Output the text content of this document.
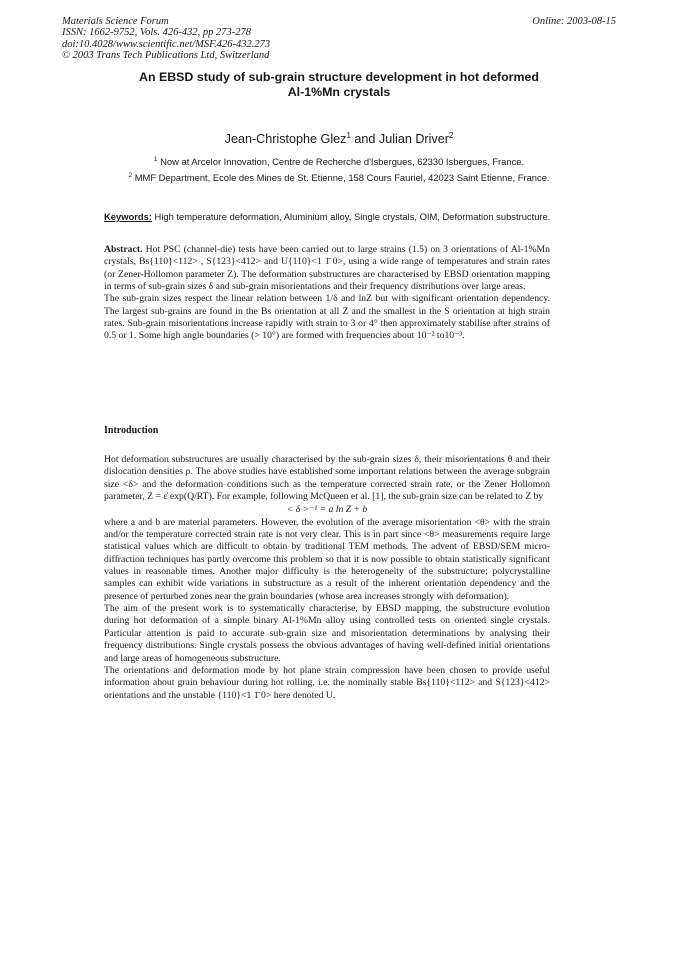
Materials Science Forum
ISSN: 1662-9752, Vols. 426-432, pp 273-278
doi:10.4028/www.scientific.net/MSF.426-432.273
© 2003 Trans Tech Publications Ltd, Switzerland
Online: 2003-08-15
An EBSD study of sub-grain structure development in hot deformed
Al-1%Mn crystals
Jean-Christophe Glez$^1$ and Julian Driver$^2$
$^1$ Now at Arcelor Innovation, Centre de Recherche d'Isbergues, 62330 Isbergues, France.
$^2$ MMF Department, Ecole des Mines de St. Etienne, 158 Cours Fauriel, 42023 Saint Etienne, France.
Keywords: High temperature deformation, Aluminium alloy, Single crystals, OIM, Deformation substructure.

Abstract. Hot PSC (channel-die) tests have been carried out to large strains (1.5) on 3 orientations of Al-1%Mn crystals, Bs{110}<112> , S{123}<412> and U{110}<1 1̄ 0>, using a wide range of temperatures and strain rates (or Zener-Hollomon parameter Z). The deformation substructures are characterised by EBSD orientation mapping in terms of sub-grain sizes δ and sub-grain misorientations and their frequency distributions over large areas.

The sub-grain sizes respect the linear relation between 1/δ and lnZ but with significant orientation dependency. The largest sub-grains are found in the Bs orientation at all Z and the smallest in the S orientation at high strain rates. Sub-grain misorientations increase rapidly with strain to 3 or 4° then approximately stabilise after strains of 0.5 or 1. Some high angle boundaries (> 10°) are formed with frequencies about 10⁻² to10⁻³.

Introduction

Hot deformation substructures are usually characterised by the sub-grain sizes δ, their misorientations θ and their dislocation densities ρ. The above studies have established some important relations between the average subgrain size <δ> and the deformation conditions such as the temperature corrected strain rate, or the Zener Hollomon parameter, Z = ε̇ exp(Q/RT). For example, following McQueen et al. [1], the sub-grain size can be related to Z by

< δ >⁻¹ = a ln Z + b

where a and b are material parameters. However, the evolution of the average misorientation <θ> with the strain and/or the temperature corrected strain rate is not very clear. This is in part since <θ> measurements require large statistical values which are difficult to obtain by traditional TEM methods. The advent of EBSD/SEM micro-diffraction techniques has partly overcome this problem so that it is now possible to obtain statistically significant values in reasonable times. Another major difficulty is the heterogeneity of the substructure; polycrystalline samples can exhibit wide variations in substructure as a result of the inherent orientation dependency and the presence of perturbed zones near the grain boundaries (whose area increases strongly with deformation).

The aim of the present work is to systematically characterise, by EBSD mapping, the substructure evolution during hot deformation of a simple binary Al-1%Mn alloy using controlled tests on oriented single crystals. Particular attention is paid to accurate sub-grain size and misorientation determinations by analysing their frequency distributions. Single crystals possess the obvious advantages of having well-defined initial orientations and large areas of homogeneous substructure.

The orientations and deformation mode by hot plane strain compression have been chosen to provide useful information about grain behaviour during hot rolling, i.e. the nominally stable Bs{110}<112> and S{123}<412> orientations and the unstable {110}<1 1̄ 0> here denoted U.
